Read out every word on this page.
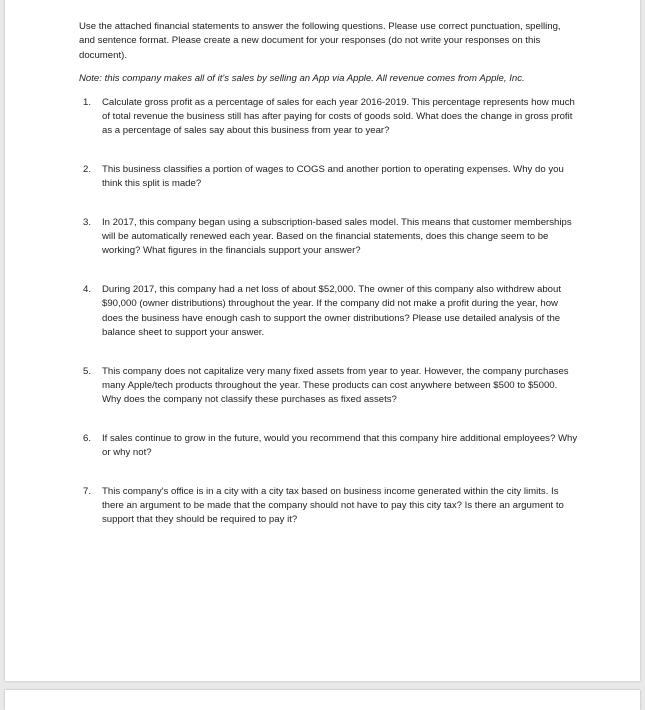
Use the attached financial statements to answer the following questions. Please use correct punctuation, spelling, and sentence format. Please create a new document for your responses (do not write your responses on this document).

Note: this company makes all of it's sales by selling an App via Apple. All revenue comes from Apple, Inc.

1. Calculate gross profit as a percentage of sales for each year 2016-2019. This percentage represents how much of total revenue the business still has after paying for costs of goods sold. What does the change in gross profit as a percentage of sales say about this business from year to year?
2. This business classifies a portion of wages to COGS and another portion to operating expenses. Why do you think this split is made?
3. In 2017, this company began using a subscription-based sales model. This means that customer memberships will be automatically renewed each year. Based on the financial statements, does this change seem to be working? What figures in the financials support your answer?
4. During 2017, this company had a net loss of about $52,000. The owner of this company also withdrew about $90,000 (owner distributions) throughout the year. If the company did not make a profit during the year, how does the business have enough cash to support the owner distributions? Please use detailed analysis of the balance sheet to support your answer.
5. This company does not capitalize very many fixed assets from year to year. However, the company purchases many Apple/tech products throughout the year. These products can cost anywhere between $500 to $5000. Why does the company not classify these purchases as fixed assets?
6. If sales continue to grow in the future, would you recommend that this company hire additional employees? Why or why not?
7. This company's office is in a city with a city tax based on business income generated within the city limits. Is there an argument to be made that the company should not have to pay this city tax? Is there an argument to support that they should be required to pay it?
